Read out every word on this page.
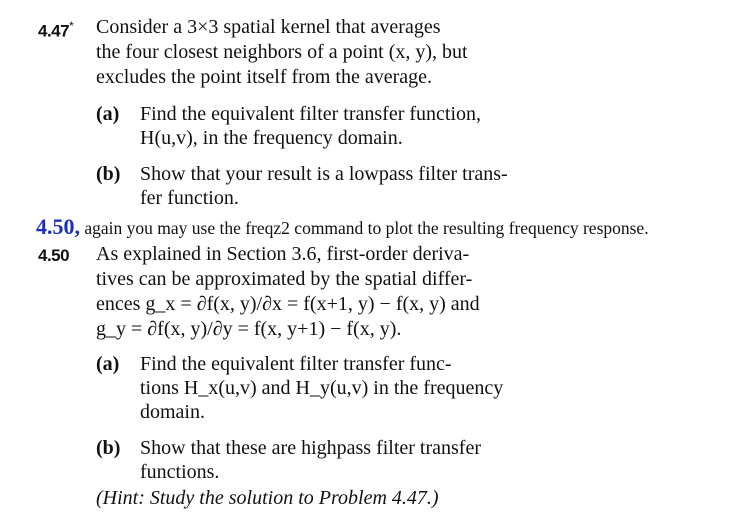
4.47* Consider a 3×3 spatial kernel that averages
the four closest neighbors of a point (x, y), but
excludes the point itself from the average.
(a) Find the equivalent filter transfer function,
H(u,v), in the frequency domain.
(b) Show that your result is a lowpass filter trans-
fer function.
4.50, again you may use the freqz2 command to plot the resulting frequency response.
4.50 As explained in Section 3.6, first-order deriva-
tives can be approximated by the spatial differ-
ences g_x = ∂f(x, y)/∂x = f(x+1, y) − f(x, y) and
g_y = ∂f(x, y)/∂y = f(x, y+1) − f(x, y).
(a) Find the equivalent filter transfer func-
tions H_x(u,v) and H_y(u,v) in the frequency
domain.
(b) Show that these are highpass filter transfer
functions.
(Hint: Study the solution to Problem 4.47.)
